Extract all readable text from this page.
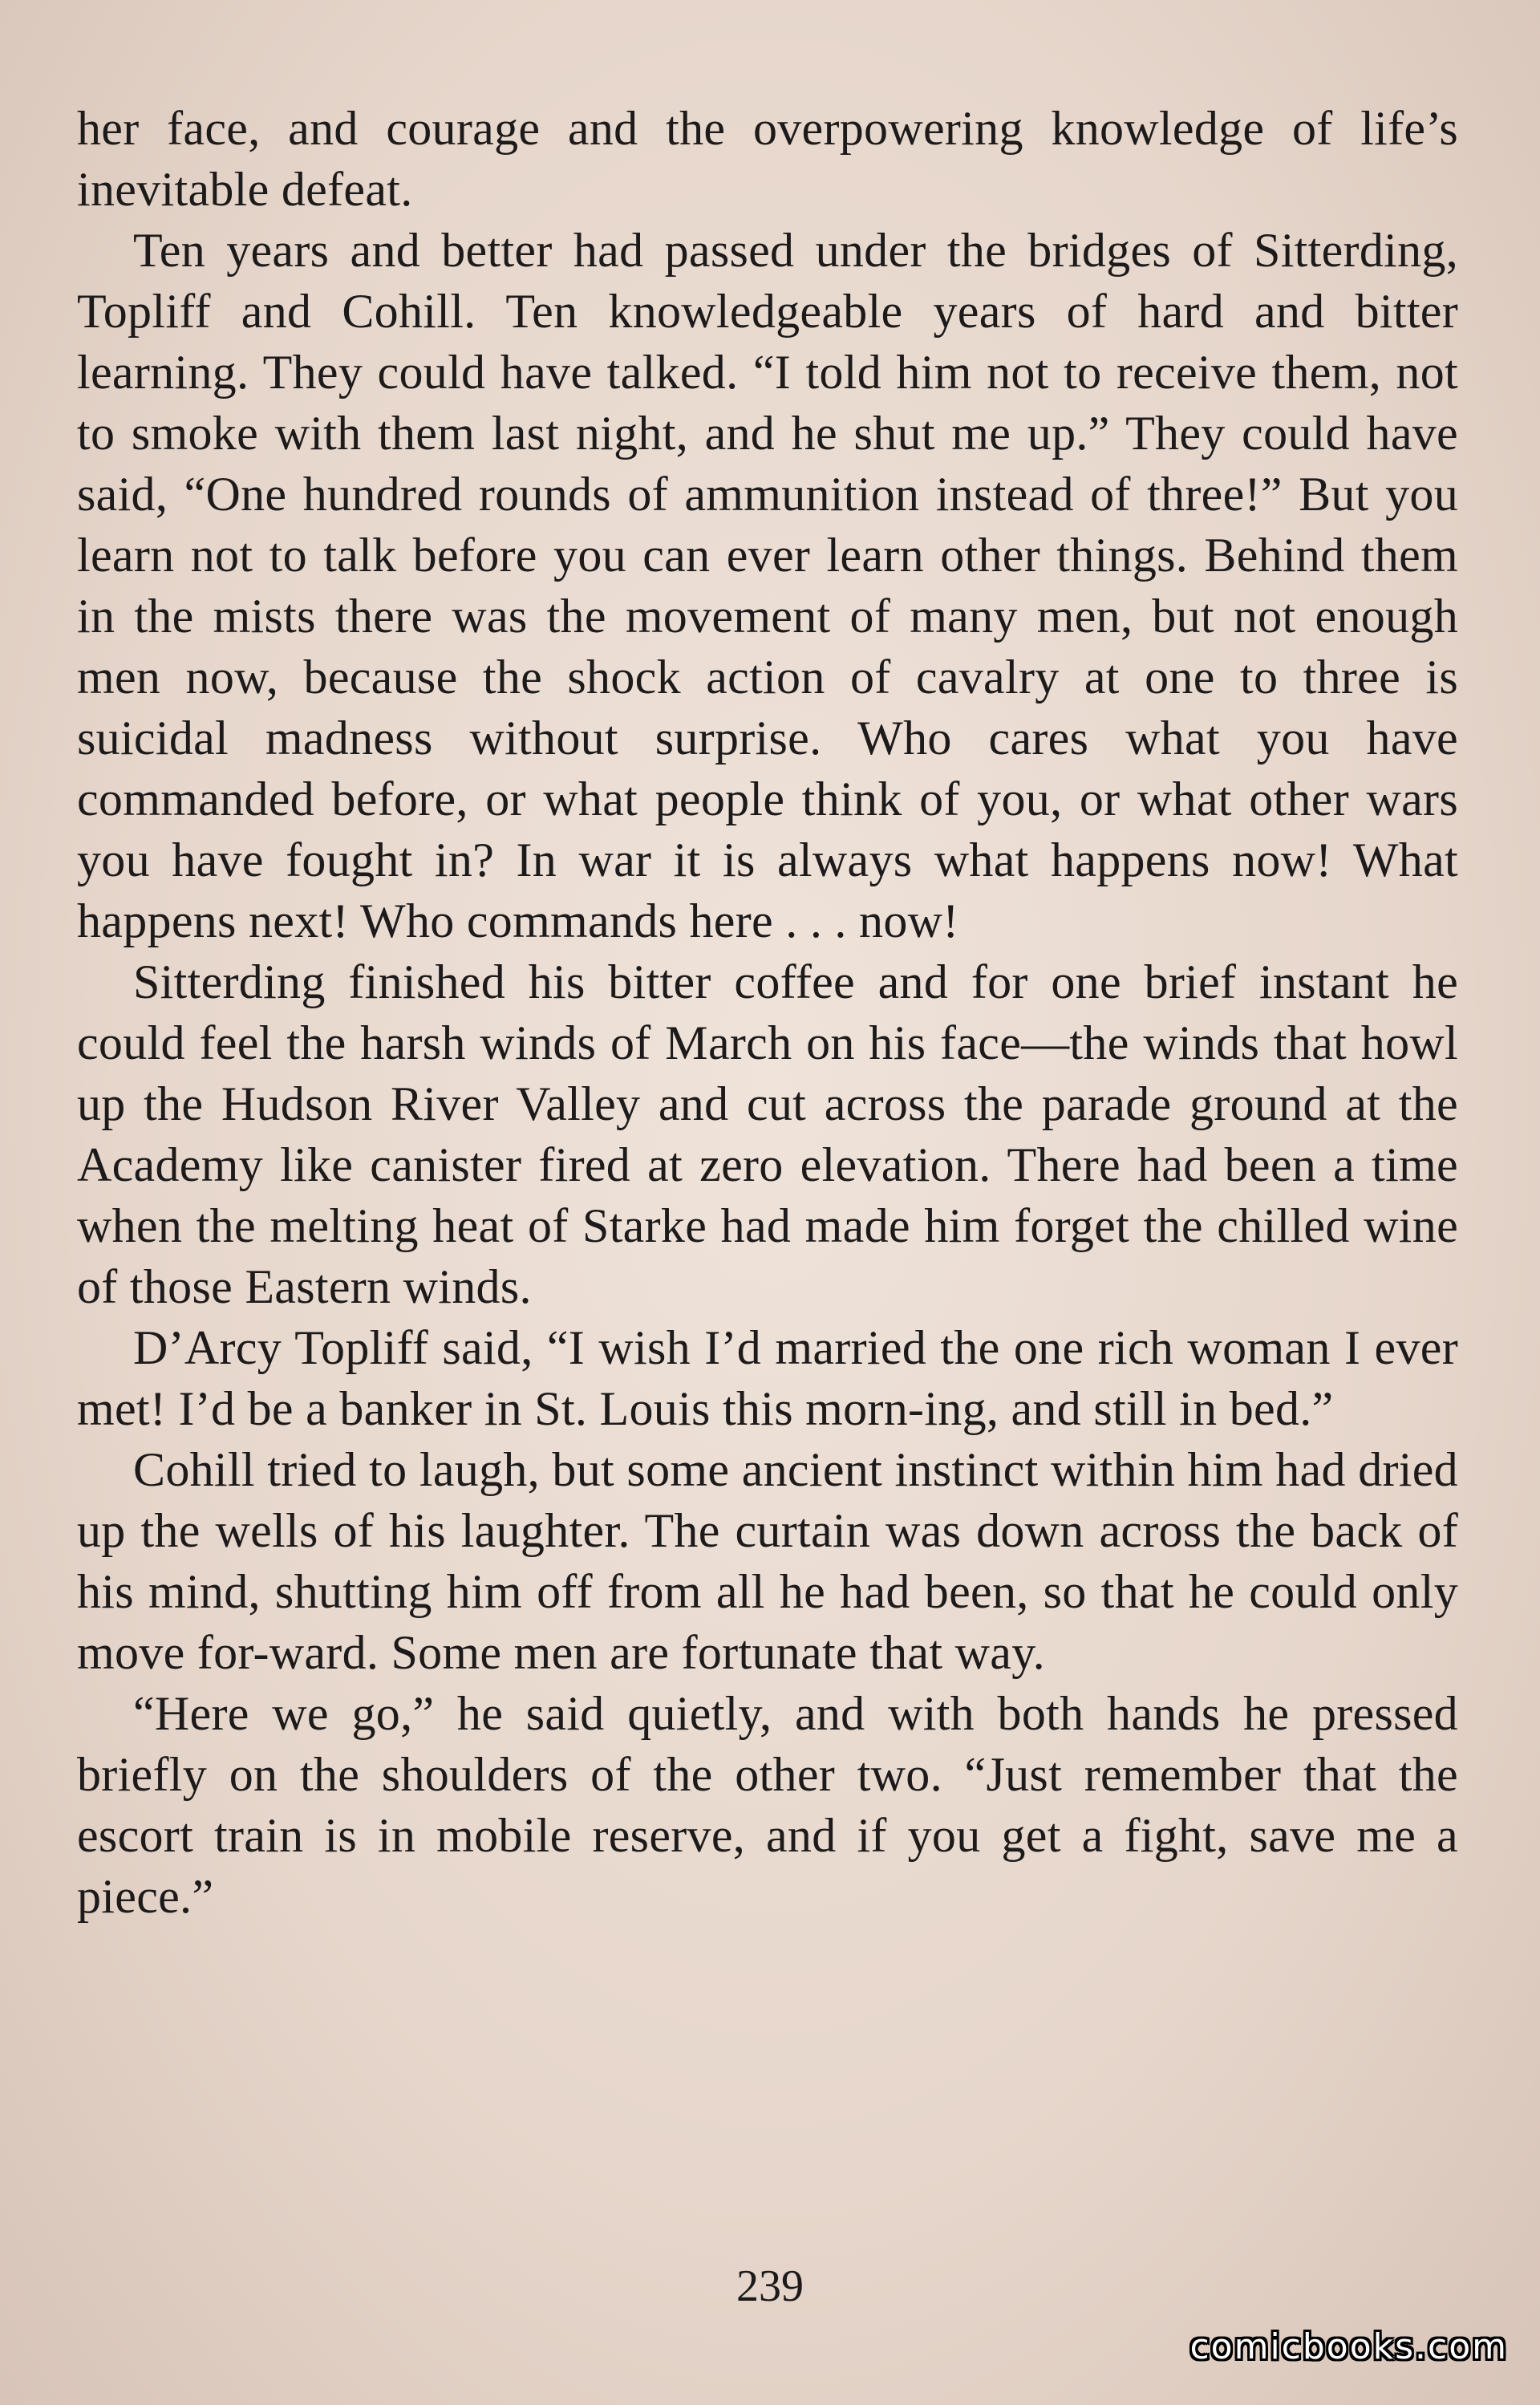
her face, and courage and the overpowering knowledge of life’s inevitable defeat.

Ten years and better had passed under the bridges of Sitterding, Topliff and Cohill. Ten knowledgeable years of hard and bitter learning. They could have talked. “I told him not to receive them, not to smoke with them last night, and he shut me up.” They could have said, “One hundred rounds of ammunition instead of three!” But you learn not to talk before you can ever learn other things. Behind them in the mists there was the movement of many men, but not enough men now, because the shock action of cavalry at one to three is suicidal madness without surprise. Who cares what you have commanded before, or what people think of you, or what other wars you have fought in? In war it is always what happens now! What happens next! Who commands here . . . now!

Sitterding finished his bitter coffee and for one brief instant he could feel the harsh winds of March on his face—the winds that howl up the Hudson River Valley and cut across the parade ground at the Academy like canister fired at zero elevation. There had been a time when the melting heat of Starke had made him forget the chilled wine of those Eastern winds.

D’Arcy Topliff said, “I wish I’d married the one rich woman I ever met! I’d be a banker in St. Louis this morn-ing, and still in bed.”

Cohill tried to laugh, but some ancient instinct within him had dried up the wells of his laughter. The curtain was down across the back of his mind, shutting him off from all he had been, so that he could only move for-ward. Some men are fortunate that way.

“Here we go,” he said quietly, and with both hands he pressed briefly on the shoulders of the other two. “Just remember that the escort train is in mobile reserve, and if you get a fight, save me a piece.”

239
comicbooks.com
